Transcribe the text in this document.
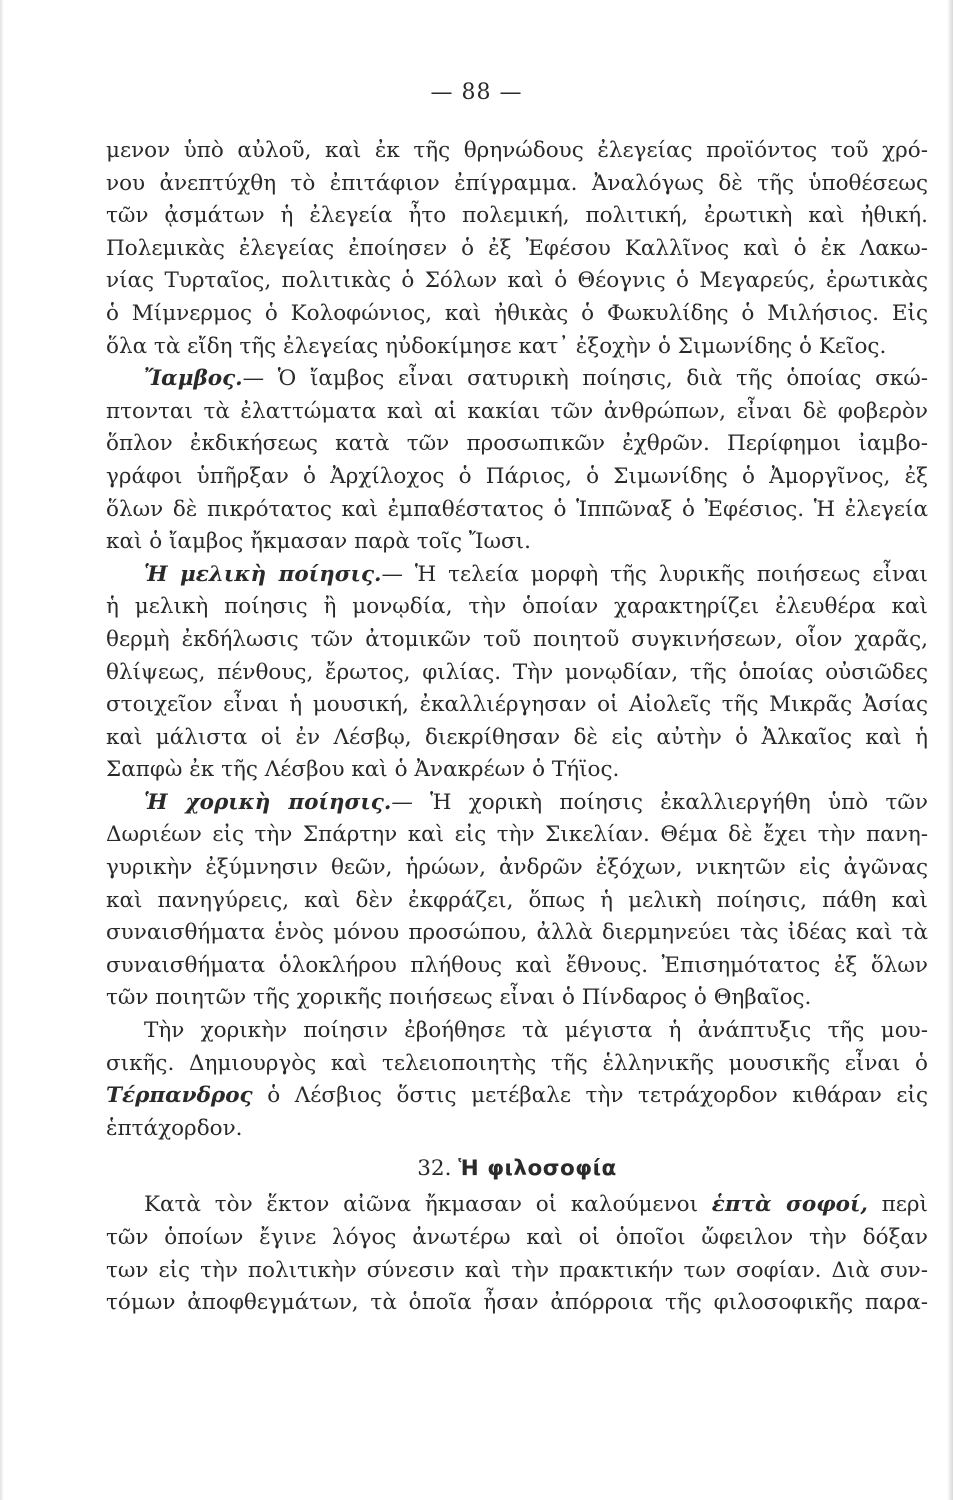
— 88 —
μενον ὑπὸ αὐλοῦ, καὶ ἐκ τῆς θρηνώδους ἐλεγείας προϊόντος τοῦ χρό-
νου ἀνεπτύχθη τὸ ἐπιτάφιον ἐπίγραμμα. Ἀναλόγως δὲ τῆς ὑποθέσεως
τῶν ᾀσμάτων ἡ ἐλεγεία ἦτο πολεμική, πολιτική, ἐρωτικὴ καὶ ἠθική.
Πολεμικὰς ἐλεγείας ἐποίησεν ὁ ἐξ Ἐφέσου Καλλῖνος καὶ ὁ ἐκ Λακω-
νίας Τυρταῖος, πολιτικὰς ὁ Σόλων καὶ ὁ Θέογνις ὁ Μεγαρεύς, ἐρωτικὰς
ὁ Μίμνερμος ὁ Κολοφώνιος, καὶ ἠθικὰς ὁ Φωκυλίδης ὁ Μιλήσιος. Εἰς
ὅλα τὰ εἴδη τῆς ἐλεγείας ηὐδοκίμησε κατ᾽ ἐξοχὴν ὁ Σιμωνίδης ὁ Κεῖος.
Ἴαμβος.— Ὁ ἴαμβος εἶναι σατυρικὴ ποίησις, διὰ τῆς ὁποίας σκώ-
πτονται τὰ ἐλαττώματα καὶ αἱ κακίαι τῶν ἀνθρώπων, εἶναι δὲ φοβερὸν
ὅπλον ἐκδικήσεως κατὰ τῶν προσωπικῶν ἐχθρῶν. Περίφημοι ἰαμβο-
γράφοι ὑπῆρξαν ὁ Ἀρχίλοχος ὁ Πάριος, ὁ Σιμωνίδης ὁ Ἀμοργῖνος, ἐξ
ὅλων δὲ πικρότατος καὶ ἐμπαθέστατος ὁ Ἱππῶναξ ὁ Ἐφέσιος. Ἡ ἐλεγεία
καὶ ὁ ἴαμβος ἤκμασαν παρὰ τοῖς Ἴωσι.
Ἡ μελικὴ ποίησις.— Ἡ τελεία μορφὴ τῆς λυρικῆς ποιήσεως εἶναι
ἡ μελικὴ ποίησις ἢ μονῳδία, τὴν ὁποίαν χαρακτηρίζει ἐλευθέρα καὶ
θερμὴ ἐκδήλωσις τῶν ἀτομικῶν τοῦ ποιητοῦ συγκινήσεων, οἷον χαρᾶς,
θλίψεως, πένθους, ἔρωτος, φιλίας. Τὴν μονῳδίαν, τῆς ὁποίας οὐσιῶδες
στοιχεῖον εἶναι ἡ μουσική, ἐκαλλιέργησαν οἱ Αἰολεῖς τῆς Μικρᾶς Ἀσίας
καὶ μάλιστα οἱ ἐν Λέσβῳ, διεκρίθησαν δὲ εἰς αὐτὴν ὁ Ἀλκαῖος καὶ ἡ
Σαπφὼ ἐκ τῆς Λέσβου καὶ ὁ Ἀνακρέων ὁ Τήϊος.
Ἡ χορικὴ ποίησις.— Ἡ χορικὴ ποίησις ἐκαλλιεργήθη ὑπὸ τῶν
Δωριέων εἰς τὴν Σπάρτην καὶ εἰς τὴν Σικελίαν. Θέμα δὲ ἔχει τὴν πανη-
γυρικὴν ἐξύμνησιν θεῶν, ἡρώων, ἀνδρῶν ἐξόχων, νικητῶν εἰς ἀγῶνας
καὶ πανηγύρεις, καὶ δὲν ἐκφράζει, ὅπως ἡ μελικὴ ποίησις, πάθη καὶ
συναισθήματα ἑνὸς μόνου προσώπου, ἀλλὰ διερμηνεύει τὰς ἰδέας καὶ τὰ
συναισθήματα ὁλοκλήρου πλήθους καὶ ἔθνους. Ἐπισημότατος ἐξ ὅλων
τῶν ποιητῶν τῆς χορικῆς ποιήσεως εἶναι ὁ Πίνδαρος ὁ Θηβαῖος.
Τὴν χορικὴν ποίησιν ἐβοήθησε τὰ μέγιστα ἡ ἀνάπτυξις τῆς μου-
σικῆς. Δημιουργὸς καὶ τελειοποιητὴς τῆς ἑλληνικῆς μουσικῆς εἶναι ὁ
Τέρπανδρος ὁ Λέσβιος ὅστις μετέβαλε τὴν τετράχορδον κιθάραν εἰς
ἑπτάχορδον.
32. Ἡ φιλοσοφία
Κατὰ τὸν ἕκτον αἰῶνα ἤκμασαν οἱ καλούμενοι ἑπτὰ σοφοί, περὶ
τῶν ὁποίων ἔγινε λόγος ἀνωτέρω καὶ οἱ ὁποῖοι ὤφειλον τὴν δόξαν
των εἰς τὴν πολιτικὴν σύνεσιν καὶ τὴν πρακτικήν των σοφίαν. Διὰ συν-
τόμων ἀποφθεγμάτων, τὰ ὁποῖα ἦσαν ἀπόρροια τῆς φιλοσοφικῆς παρα-
